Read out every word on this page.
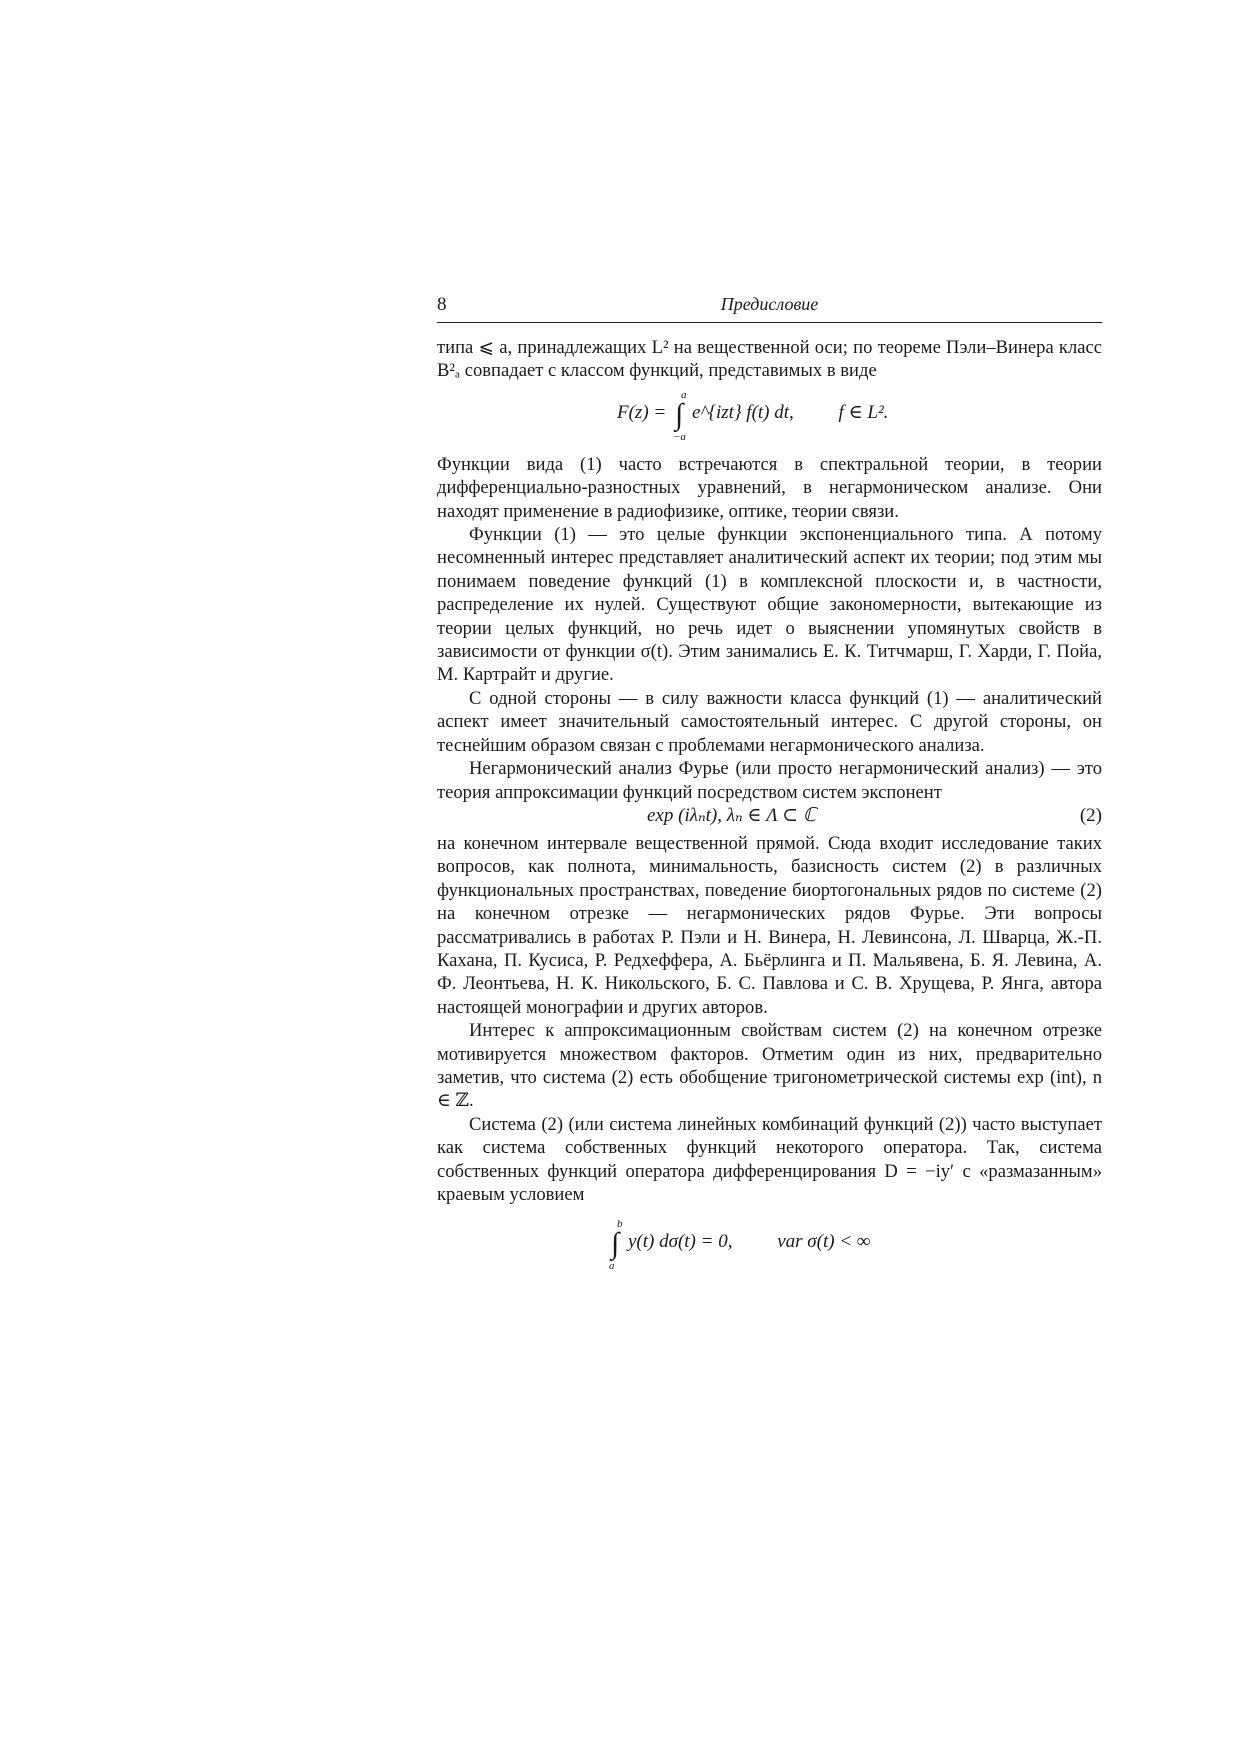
8	Предисловие

типа ⩽ a, принадлежащих L² на вещественной оси; по теореме Пэли–Винера класс B²ₐ совпадает с классом функций, представимых в виде

F(z) = ∫
a
−a
e^{izt} f(t) dt, f ∈ L².

Функции вида (1) часто встречаются в спектральной теории, в теории дифференциально-разностных уравнений, в негармоническом анализе. Они находят применение в радиофизике, оптике, теории связи.

Функции (1) — это целые функции экспоненциального типа. А потому несомненный интерес представляет аналитический аспект их теории; под этим мы понимаем поведение функций (1) в комплексной плоскости и, в частности, распределение их нулей. Существуют общие закономерности, вытекающие из теории целых функций, но речь идет о выяснении упомянутых свойств в зависимости от функции σ(t). Этим занимались Е. К. Титчмарш, Г. Харди, Г. Пойа, М. Картрайт и другие.

С одной стороны — в силу важности класса функций (1) — аналитический аспект имеет значительный самостоятельный интерес. С другой стороны, он теснейшим образом связан с проблемами негармонического анализа.

Негармонический анализ Фурье (или просто негармонический анализ) — это теория аппроксимации функций посредством систем экспонент

exp (iλₙt), λₙ ∈ Λ ⊂ ℂ	(2)

на конечном интервале вещественной прямой. Сюда входит исследование таких вопросов, как полнота, минимальность, базисность систем (2) в различных функциональных пространствах, поведение биортогональных рядов по системе (2) на конечном отрезке — негармонических рядов Фурье. Эти вопросы рассматривались в работах Р. Пэли и Н. Винера, Н. Левинсона, Л. Шварца, Ж.-П. Кахана, П. Кусиса, Р. Редхеффера, А. Бьёрлинга и П. Мальявена, Б. Я. Левина, А. Ф. Леонтьева, Н. К. Никольского, Б. С. Павлова и С. В. Хрущева, Р. Янга, автора настоящей монографии и других авторов.

Интерес к аппроксимационным свойствам систем (2) на конечном отрезке мотивируется множеством факторов. Отметим один из них, предварительно заметив, что система (2) есть обобщение тригонометрической системы exp (int), n ∈ ℤ.

Система (2) (или система линейных комбинаций функций (2)) часто выступает как система собственных функций некоторого оператора. Так, система собственных функций оператора дифференцирования D = −iy′ с «размазанным» краевым условием

∫
b
a
y(t) dσ(t) = 0, var σ(t) < ∞
